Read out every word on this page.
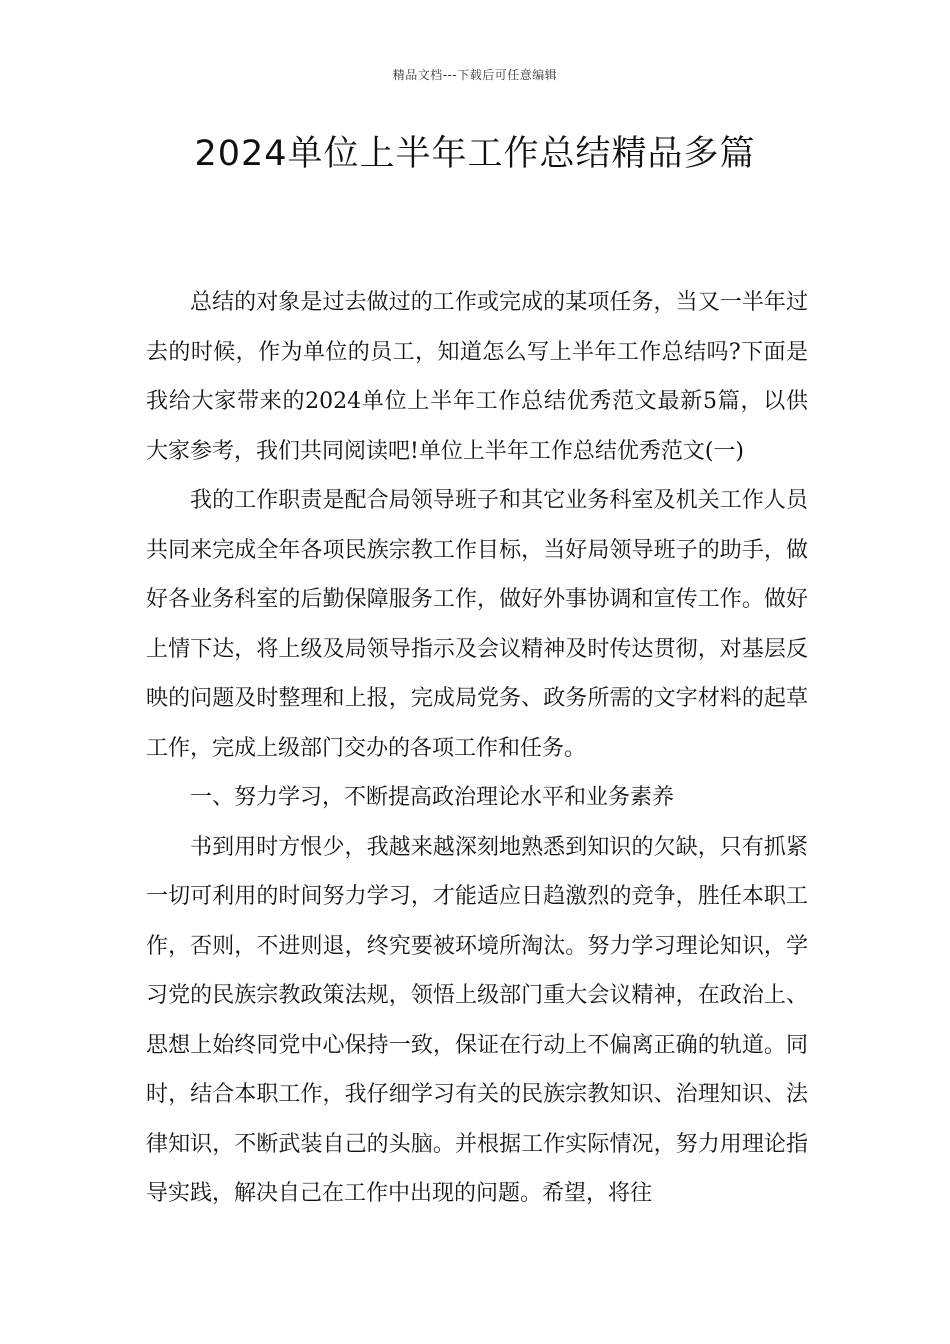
精品文档---下载后可任意编辑
2024单位上半年工作总结精品多篇

总结的对象是过去做过的工作或完成的某项任务，当又一半年过去的时候，作为单位的员工，知道怎么写上半年工作总结吗?下面是我给大家带来的2024单位上半年工作总结优秀范文最新5篇，以供大家参考，我们共同阅读吧!单位上半年工作总结优秀范文(一)

我的工作职责是配合局领导班子和其它业务科室及机关工作人员共同来完成全年各项民族宗教工作目标，当好局领导班子的助手，做好各业务科室的后勤保障服务工作，做好外事协调和宣传工作。做好上情下达，将上级及局领导指示及会议精神及时传达贯彻，对基层反映的问题及时整理和上报，完成局党务、政务所需的文字材料的起草工作，完成上级部门交办的各项工作和任务。

一、努力学习，不断提高政治理论水平和业务素养

书到用时方恨少，我越来越深刻地熟悉到知识的欠缺，只有抓紧一切可利用的时间努力学习，才能适应日趋激烈的竞争，胜任本职工作，否则，不进则退，终究要被环境所淘汰。努力学习理论知识，学习党的民族宗教政策法规，领悟上级部门重大会议精神，在政治上、思想上始终同党中心保持一致，保证在行动上不偏离正确的轨道。同时，结合本职工作，我仔细学习有关的民族宗教知识、治理知识、法律知识，不断武装自己的头脑。并根据工作实际情况，努力用理论指导实践，解决自己在工作中出现的问题。希望，将往
